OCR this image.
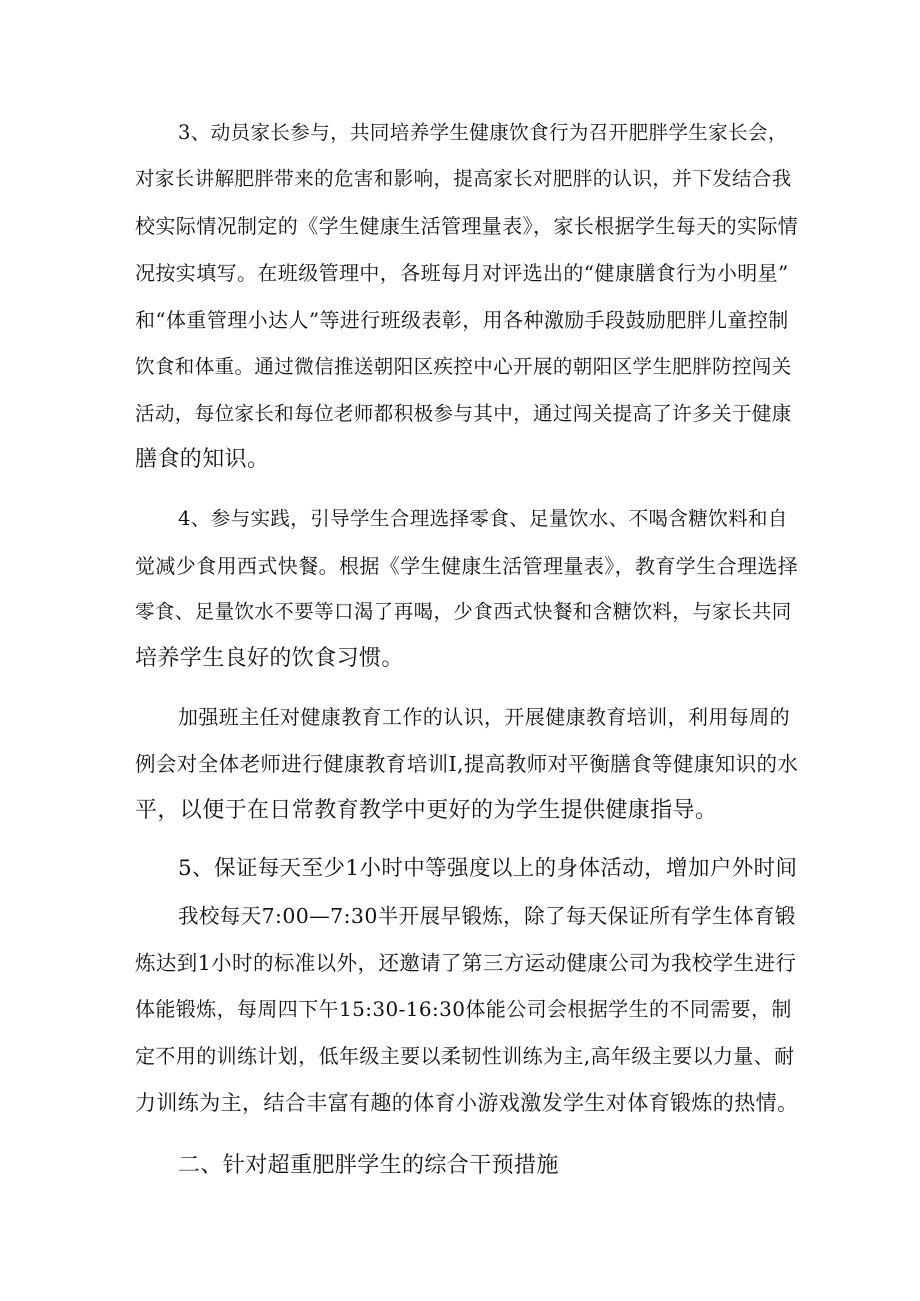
3、动员家长参与，共同培养学生健康饮食行为召开肥胖学生家长会，
对家长讲解肥胖带来的危害和影响，提高家长对肥胖的认识，并下发结合我
校实际情况制定的《学生健康生活管理量表》，家长根据学生每天的实际情
况按实填写。在班级管理中，各班每月对评选出的“健康膳食行为小明星”
和“体重管理小达人”等进行班级表彰，用各种激励手段鼓励肥胖儿童控制
饮食和体重。通过微信推送朝阳区疾控中心开展的朝阳区学生肥胖防控闯关
活动，每位家长和每位老师都积极参与其中，通过闯关提高了许多关于健康
膳食的知识。
4、参与实践，引导学生合理选择零食、足量饮水、不喝含糖饮料和自
觉减少食用西式快餐。根据《学生健康生活管理量表》，教育学生合理选择
零食、足量饮水不要等口渴了再喝，少食西式快餐和含糖饮料，与家长共同
培养学生良好的饮食习惯。
加强班主任对健康教育工作的认识，开展健康教育培训，利用每周的
例会对全体老师进行健康教育培训I,提高教师对平衡膳食等健康知识的水
平，以便于在日常教育教学中更好的为学生提供健康指导。
5、保证每天至少1小时中等强度以上的身体活动，增加户外时间
我校每天7:00—7:30半开展早锻炼，除了每天保证所有学生体育锻
炼达到1小时的标准以外，还邀请了第三方运动健康公司为我校学生进行
体能锻炼，每周四下午15:30-16:30体能公司会根据学生的不同需要，制
定不用的训练计划，低年级主要以柔韧性训练为主,高年级主要以力量、耐
力训练为主，结合丰富有趣的体育小游戏激发学生对体育锻炼的热情。
二、针对超重肥胖学生的综合干预措施
